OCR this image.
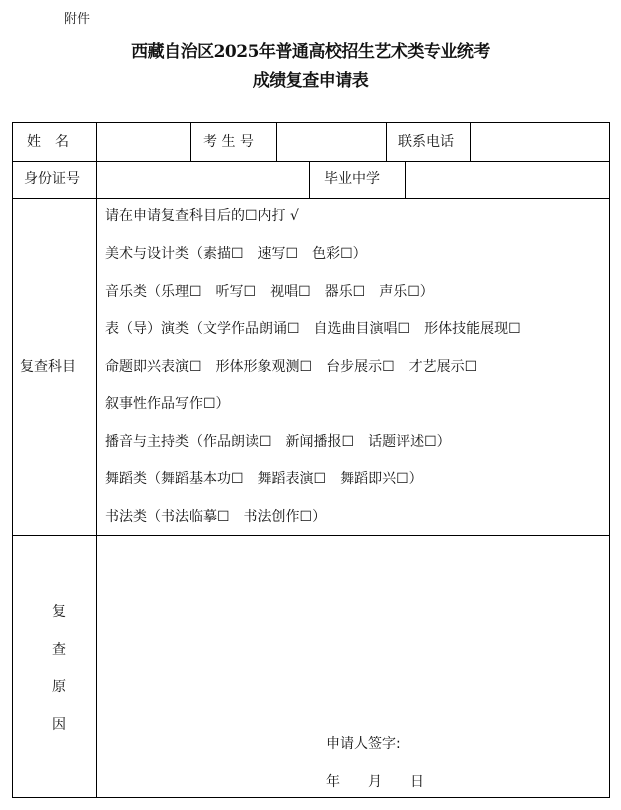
附件
西藏自治区2025年普通高校招生艺术类专业统考
成绩复查申请表
姓　名	考 生 号	联系电话
身份证号	毕业中学
复查科目
请在申请复查科目后的☐内打 √
美术与设计类（素描☐　速写☐　色彩☐）
音乐类（乐理☐　听写☐　视唱☐　器乐☐　声乐☐）
表（导）演类（文学作品朗诵☐　自选曲目演唱☐　形体技能展现☐
命题即兴表演☐　形体形象观测☐　台步展示☐　才艺展示☐
叙事性作品写作☐）
播音与主持类（作品朗读☐　新闻播报☐　话题评述☐）
舞蹈类（舞蹈基本功☐　舞蹈表演☐　舞蹈即兴☐）
书法类（书法临摹☐　书法创作☐）
复
查
原
因
申请人签字:
年　　月　　日
